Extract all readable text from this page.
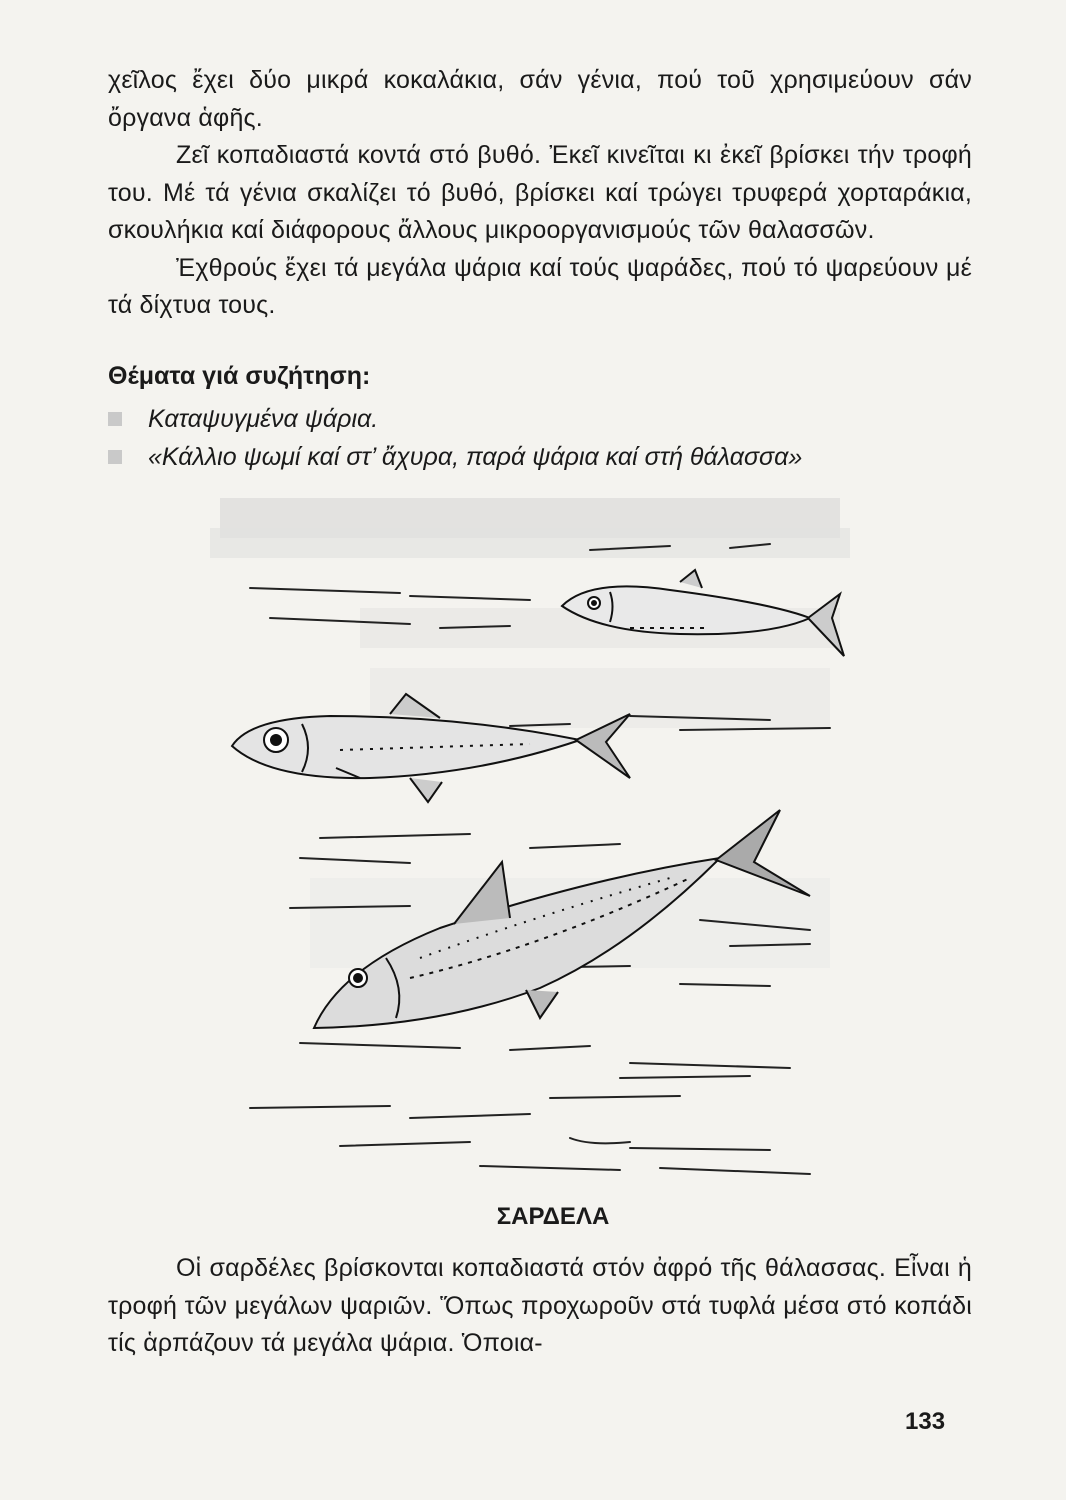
χεῖλος ἔχει δύο μικρά κοκαλάκια, σάν γένια, πού τοῦ χρησιμεύουν σάν ὄργανα ἁφῆς.

Ζεῖ κοπαδιαστά κοντά στό βυθό. Ἐκεῖ κινεῖται κι ἐκεῖ βρίσκει τήν τροφή του. Μέ τά γένια σκαλίζει τό βυθό, βρίσκει καί τρώγει τρυφερά χορταράκια, σκουλήκια καί διάφορους ἄλλους μικροοργανισμούς τῶν θαλασσῶν.

Ἐχθρούς ἔχει τά μεγάλα ψάρια καί τούς ψαράδες, πού τό ψαρεύουν μέ τά δίχτυα τους.

Θέματα γιά συζήτηση:
Καταψυγμένα ψάρια.
«Κάλλιο ψωμί καί στ’ ἄχυρα, παρά ψάρια καί στή θάλασσα»
ΣΑΡΔΕΛΑ

Οἱ σαρδέλες βρίσκονται κοπαδιαστά στόν ἀφρό τῆς θάλασσας. Εἶναι ἡ τροφή τῶν μεγάλων ψαριῶν. Ὅπως προχωροῦν στά τυφλά μέσα στό κοπάδι τίς ἁρπάζουν τά μεγάλα ψάρια. Ὁποια-

133
